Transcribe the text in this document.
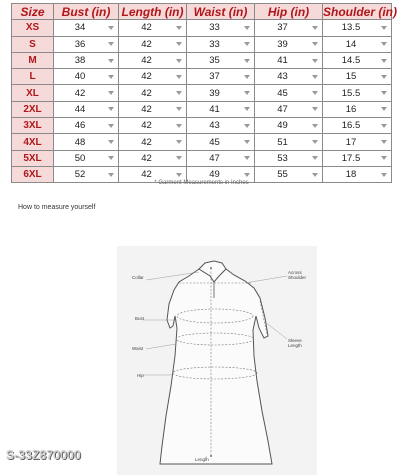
Size	Bust (in)	Length (in)	Waist (in)	Hip (in)	Shoulder (in)
XS	34	42	33	37	13.5

S	36	42	33	39	14

M	38	42	35	41	14.5

L	40	42	37	43	15

XL	42	42	39	45	15.5

2XL	44	42	41	47	16

3XL	46	42	43	49	16.5

4XL	48	42	45	51	17

5XL	50	42	47	53	17.5

6XL	52	42	49	55	18
* Garment Measurements in Inches
How to measure yourself
Collar
Bust
Waist
Hip
Length
Across
Shoulder
Sleeve
Length
S-33Z870000
